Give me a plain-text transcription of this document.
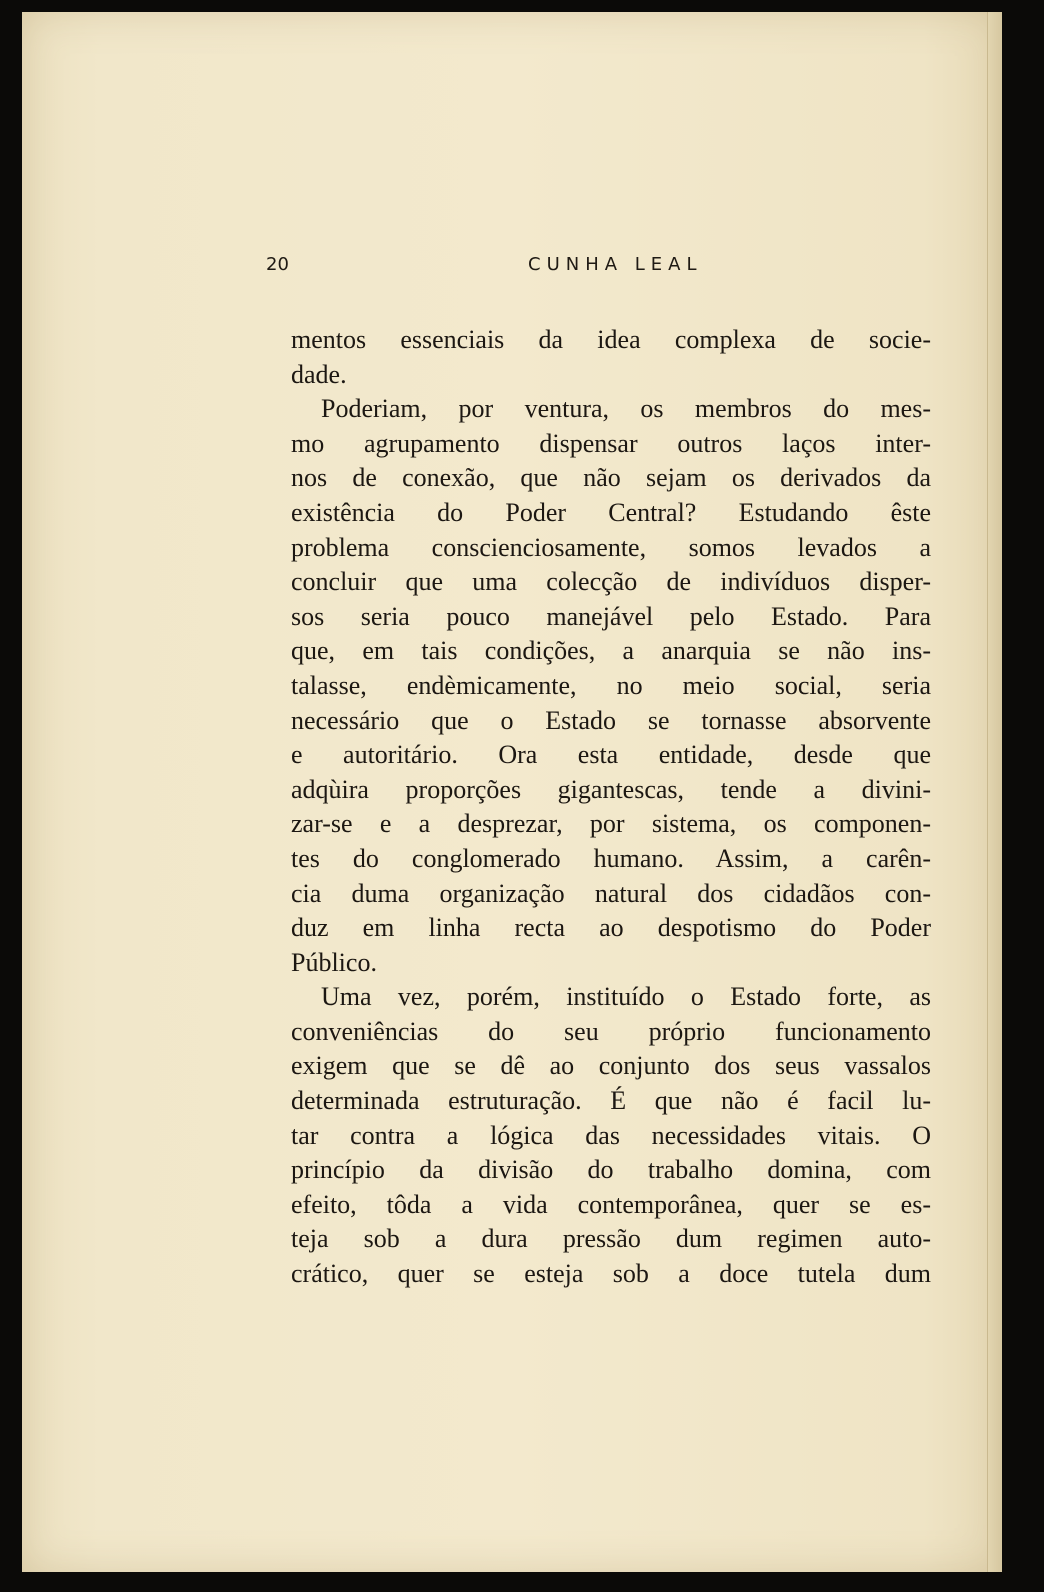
20	CUNHA LEAL
mentos essenciais da idea complexa de socie-
dade.
Poderiam, por ventura, os membros do mes-
mo agrupamento dispensar outros laços inter-
nos de conexão, que não sejam os derivados da
existência do Poder Central? Estudando êste
problema conscienciosamente, somos levados a
concluir que uma colecção de indivíduos disper-
sos seria pouco manejável pelo Estado. Para
que, em tais condições, a anarquia se não ins-
talasse, endèmicamente, no meio social, seria
necessário que o Estado se tornasse absorvente
e autoritário. Ora esta entidade, desde que
adqùira proporções gigantescas, tende a divini-
zar-se e a desprezar, por sistema, os componen-
tes do conglomerado humano. Assim, a carên-
cia duma organização natural dos cidadãos con-
duz em linha recta ao despotismo do Poder
Público.
Uma vez, porém, instituído o Estado forte, as
conveniências do seu próprio funcionamento
exigem que se dê ao conjunto dos seus vassalos
determinada estruturação. É que não é facil lu-
tar contra a lógica das necessidades vitais. O
princípio da divisão do trabalho domina, com
efeito, tôda a vida contemporânea, quer se es-
teja sob a dura pressão dum regimen auto-
crático, quer se esteja sob a doce tutela dum
